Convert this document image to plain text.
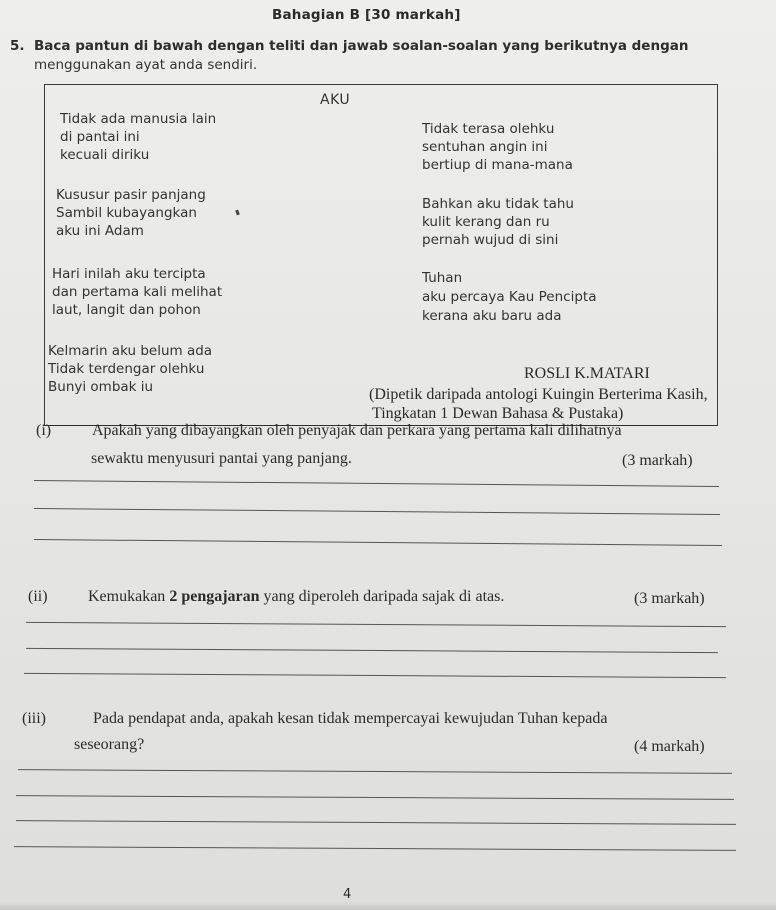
Bahagian B [30 markah]
5. Baca pantun di bawah dengan teliti dan jawab soalan-soalan yang berikutnya dengan
menggunakan ayat anda sendiri.
AKU
Tidak ada manusia lain
di pantai ini
kecuali diriku
Kususur pasir panjang
Sambil kubayangkan
aku ini Adam
Hari inilah aku tercipta
dan pertama kali melihat
laut, langit dan pohon
Kelmarin aku belum ada
Tidak terdengar olehku
Bunyi ombak iu
Tidak terasa olehku
sentuhan angin ini
bertiup di mana-mana
Bahkan aku tidak tahu
kulit kerang dan ru
pernah wujud di sini
Tuhan
aku percaya Kau Pencipta
kerana aku baru ada
ROSLI K.MATARI
(Dipetik daripada antologi Kuingin Berterima Kasih,
Tingkatan 1 Dewan Bahasa & Pustaka)
(i)	Apakah yang dibayangkan oleh penyajak dan perkara yang pertama kali dilihatnya
sewaktu menyusuri pantai yang panjang.	(3 markah)
(ii)	Kemukakan 2 pengajaran yang diperoleh daripada sajak di atas.	(3 markah)
(iii)	Pada pendapat anda, apakah kesan tidak mempercayai kewujudan Tuhan kepada
seseorang?	(4 markah)
4
